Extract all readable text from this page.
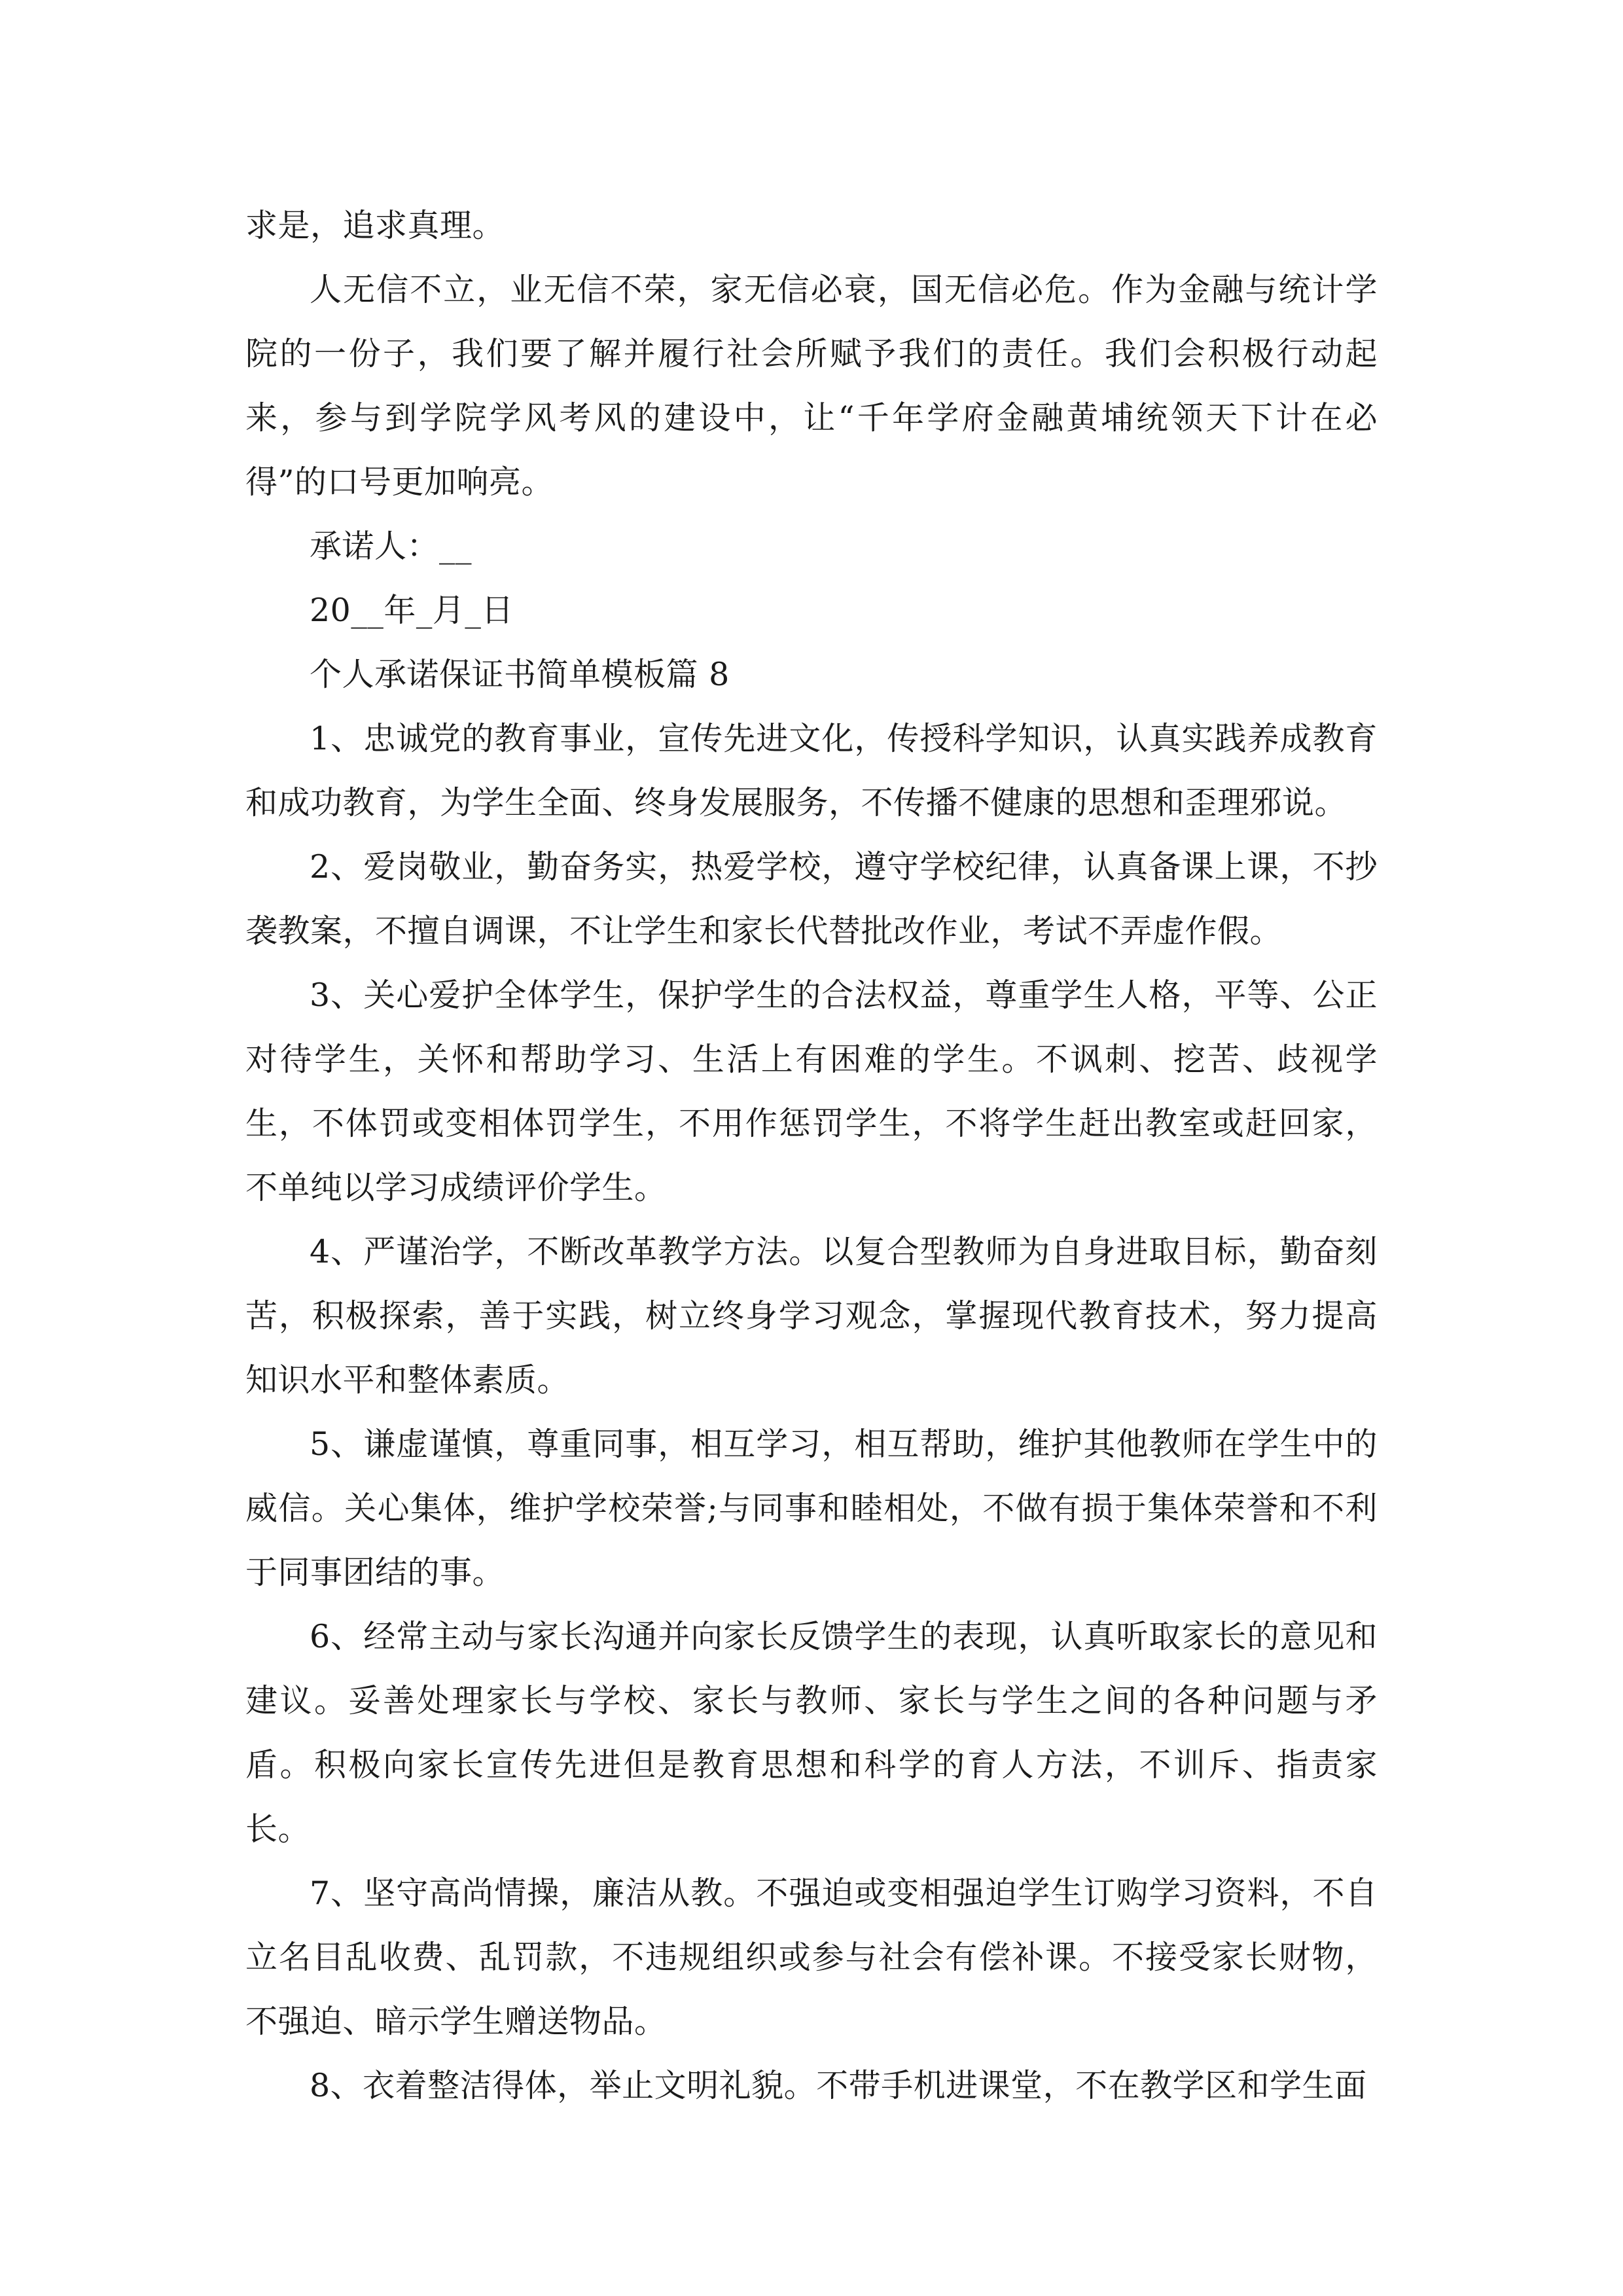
求是，追求真理。

人无信不立，业无信不荣，家无信必衰，国无信必危。作为金融与统计学院的一份子，我们要了解并履行社会所赋予我们的责任。我们会积极行动起来，参与到学院学风考风的建设中，让“千年学府金融黄埔统领天下计在必得”的口号更加响亮。

承诺人：__

20__年_月_日

个人承诺保证书简单模板篇 8

1、忠诚党的教育事业，宣传先进文化，传授科学知识，认真实践养成教育和成功教育，为学生全面、终身发展服务，不传播不健康的思想和歪理邪说。

2、爱岗敬业，勤奋务实，热爱学校，遵守学校纪律，认真备课上课，不抄袭教案，不擅自调课，不让学生和家长代替批改作业，考试不弄虚作假。

3、关心爱护全体学生，保护学生的合法权益，尊重学生人格，平等、公正对待学生，关怀和帮助学习、生活上有困难的学生。不讽刺、挖苦、歧视学生，不体罚或变相体罚学生，不用作惩罚学生，不将学生赶出教室或赶回家，不单纯以学习成绩评价学生。

4、严谨治学，不断改革教学方法。以复合型教师为自身进取目标，勤奋刻苦，积极探索，善于实践，树立终身学习观念，掌握现代教育技术，努力提高知识水平和整体素质。

5、谦虚谨慎，尊重同事，相互学习，相互帮助，维护其他教师在学生中的威信。关心集体，维护学校荣誉;与同事和睦相处，不做有损于集体荣誉和不利于同事团结的事。

6、经常主动与家长沟通并向家长反馈学生的表现，认真听取家长的意见和建议。妥善处理家长与学校、家长与教师、家长与学生之间的各种问题与矛盾。积极向家长宣传先进但是教育思想和科学的育人方法，不训斥、指责家长。

7、坚守高尚情操，廉洁从教。不强迫或变相强迫学生订购学习资料，不自立名目乱收费、乱罚款，不违规组织或参与社会有偿补课。不接受家长财物，不强迫、暗示学生赠送物品。

8、衣着整洁得体，举止文明礼貌。不带手机进课堂，不在教学区和学生面
